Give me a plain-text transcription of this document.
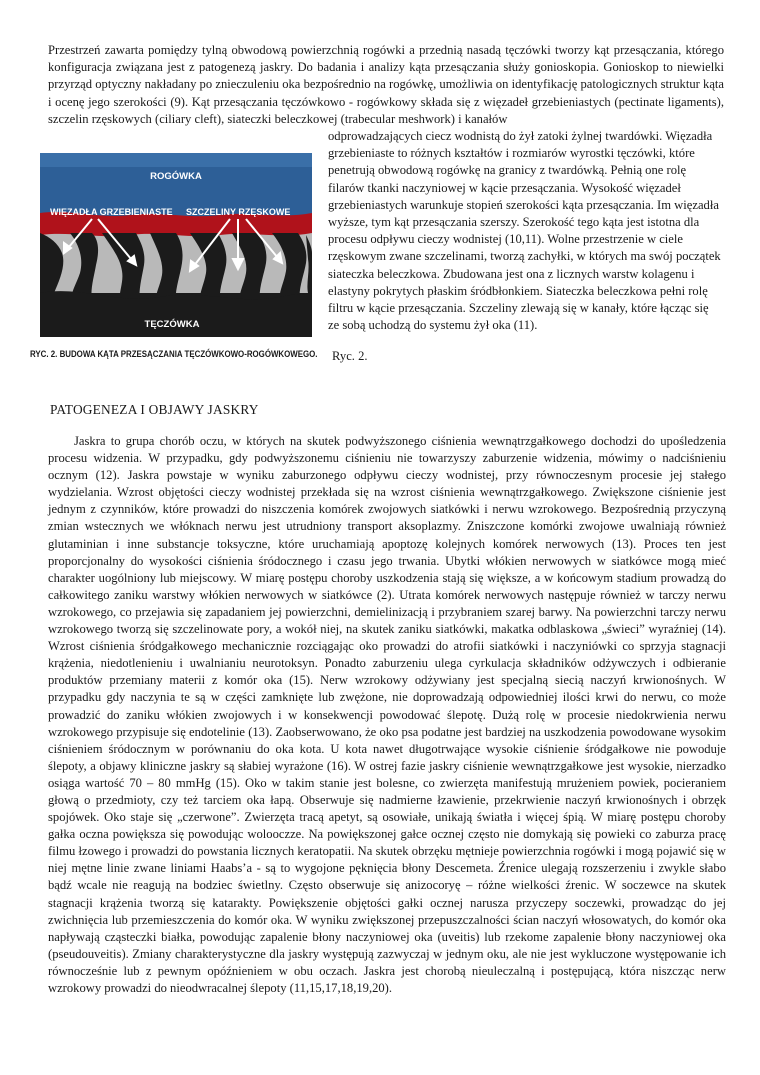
Przestrzeń zawarta pomiędzy tylną obwodową powierzchnią rogówki a przednią nasadą tęczówki tworzy kąt przesączania, którego konfiguracja związana jest z patogenezą jaskry. Do badania i analizy kąta przesączania służy gonioskopia. Gonioskop to niewielki przyrząd optyczny nakładany po znieczuleniu oka bezpośrednio na rogówkę, umożliwia on identyfikację patologicznych struktur kąta i ocenę jego szerokości (9). Kąt przesączania tęczówkowo - rogówkowy składa się z więzadeł grzebieniastych (pectinate ligaments), szczelin rzęskowych (ciliary cleft), siateczki beleczkowej (trabecular meshwork) i kanałów

ROGÓWKA
WIĘZADŁA GRZEBIENIASTE SZCZELINY RZĘSKOWE
TĘCZÓWKA
RYC. 2. BUDOWA KĄTA PRZESĄCZANIA TĘCZÓWKOWO-ROGÓWKOWEGO.

odprowadzających ciecz wodnistą do żył zatoki żylnej twardówki. Więzadła grzebieniaste to różnych kształtów i rozmiarów wyrostki tęczówki, które penetrują obwodową rogówkę na granicy z twardówką. Pełnią one rolę filarów tkanki naczyniowej w kącie przesączania. Wysokość więzadeł grzebieniastych warunkuje stopień szerokości kąta przesączania. Im więzadła wyższe, tym kąt przesączania szerszy. Szerokość tego kąta jest istotna dla procesu odpływu cieczy wodnistej (10,11). Wolne przestrzenie w ciele rzęskowym zwane szczelinami, tworzą zachyłki, w których ma swój początek siateczka beleczkowa. Zbudowana jest ona z licznych warstw kolagenu i elastyny pokrytych płaskim śródbłonkiem. Siateczka beleczkowa pełni rolę filtru w kącie przesączania. Szczeliny zlewają się w kanały, które łącząc się ze sobą uchodzą do systemu żył oka (11).

Ryc. 2.
PATOGENEZA I OBJAWY JASKRY

Jaskra to grupa chorób oczu, w których na skutek podwyższonego ciśnienia wewnątrzgałkowego dochodzi do upośledzenia procesu widzenia. W przypadku, gdy podwyższonemu ciśnieniu nie towarzyszy zaburzenie widzenia, mówimy o nadciśnieniu ocznym (12). Jaskra powstaje w wyniku zaburzonego odpływu cieczy wodnistej, przy równoczesnym procesie jej stałego wydzielania. Wzrost objętości cieczy wodnistej przekłada się na wzrost ciśnienia wewnątrzgałkowego. Zwiększone ciśnienie jest jednym z czynników, które prowadzi do niszczenia komórek zwojowych siatkówki i nerwu wzrokowego. Bezpośrednią przyczyną zmian wstecznych we włóknach nerwu jest utrudniony transport aksoplazmy. Zniszczone komórki zwojowe uwalniają również glutaminian i inne substancje toksyczne, które uruchamiają apoptozę kolejnych komórek nerwowych (13). Proces ten jest proporcjonalny do wysokości ciśnienia śródocznego i czasu jego trwania. Ubytki włókien nerwowych w siatkówce mogą mieć charakter uogólniony lub miejscowy. W miarę postępu choroby uszkodzenia stają się większe, a w końcowym stadium prowadzą do całkowitego zaniku warstwy włókien nerwowych w siatkówce (2). Utrata komórek nerwowych następuje również w tarczy nerwu wzrokowego, co przejawia się zapadaniem jej powierzchni, demielinizacją i przybraniem szarej barwy. Na powierzchni tarczy nerwu wzrokowego tworzą się szczelinowate pory, a wokół niej, na skutek zaniku siatkówki, makatka odblaskowa „świeci” wyraźniej (14). Wzrost ciśnienia śródgałkowego mechanicznie rozciągając oko prowadzi do atrofii siatkówki i naczyniówki co sprzyja stagnacji krążenia, niedotlenieniu i uwalnianiu neurotoksyn. Ponadto zaburzeniu ulega cyrkulacja składników odżywczych i odbieranie produktów przemiany materii z komór oka (15). Nerw wzrokowy odżywiany jest specjalną siecią naczyń krwionośnych. W przypadku gdy naczynia te są w części zamknięte lub zwężone, nie doprowadzają odpowiedniej ilości krwi do nerwu, co może prowadzić do zaniku włókien zwojowych i w konsekwencji powodować ślepotę. Dużą rolę w procesie niedokrwienia nerwu wzrokowego przypisuje się endotelinie (13). Zaobserwowano, że oko psa podatne jest bardziej na uszkodzenia powodowane wysokim ciśnieniem śródocznym w porównaniu do oka kota. U kota nawet długotrwające wysokie ciśnienie śródgałkowe nie powoduje ślepoty, a objawy kliniczne jaskry są słabiej wyrażone (16). W ostrej fazie jaskry ciśnienie wewnątrzgałkowe jest wysokie, nierzadko osiąga wartość 70 – 80 mmHg (15). Oko w takim stanie jest bolesne, co zwierzęta manifestują mrużeniem powiek, pocieraniem głową o przedmioty, czy też tarciem oka łapą. Obserwuje się nadmierne łzawienie, przekrwienie naczyń krwionośnych i obrzęk spojówek. Oko staje się „czerwone”. Zwierzęta tracą apetyt, są osowiałe, unikają światła i więcej śpią. W miarę postępu choroby gałka oczna powiększa się powodując wolooczze. Na powiększonej gałce ocznej często nie domykają się powieki co zaburza pracę filmu łzowego i prowadzi do powstania licznych keratopatii. Na skutek obrzęku mętnieje powierzchnia rogówki i mogą pojawić się w niej mętne linie zwane liniami Haabs’a - są to wygojone pęknięcia błony Descemeta. Źrenice ulegają rozszerzeniu i zwykle słabo bądź wcale nie reagują na bodziec świetlny. Często obserwuje się anizocoryę – różne wielkości źrenic. W soczewce na skutek stagnacji krążenia tworzą się katarakty. Powiększenie objętości gałki ocznej narusza przyczepy soczewki, prowadząc do jej zwichnięcia lub przemieszczenia do komór oka. W wyniku zwiększonej przepuszczalności ścian naczyń włosowatych, do komór oka napływają cząsteczki białka, powodując zapalenie błony naczyniowej oka (uveitis) lub rzekome zapalenie błony naczyniowej oka (pseudouveitis). Zmiany charakterystyczne dla jaskry występują zazwyczaj w jednym oku, ale nie jest wykluczone występowanie ich równocześnie lub z pewnym opóźnieniem w obu oczach. Jaskra jest chorobą nieuleczalną i postępującą, która niszcząc nerw wzrokowy prowadzi do nieodwracalnej ślepoty (11,15,17,18,19,20).
